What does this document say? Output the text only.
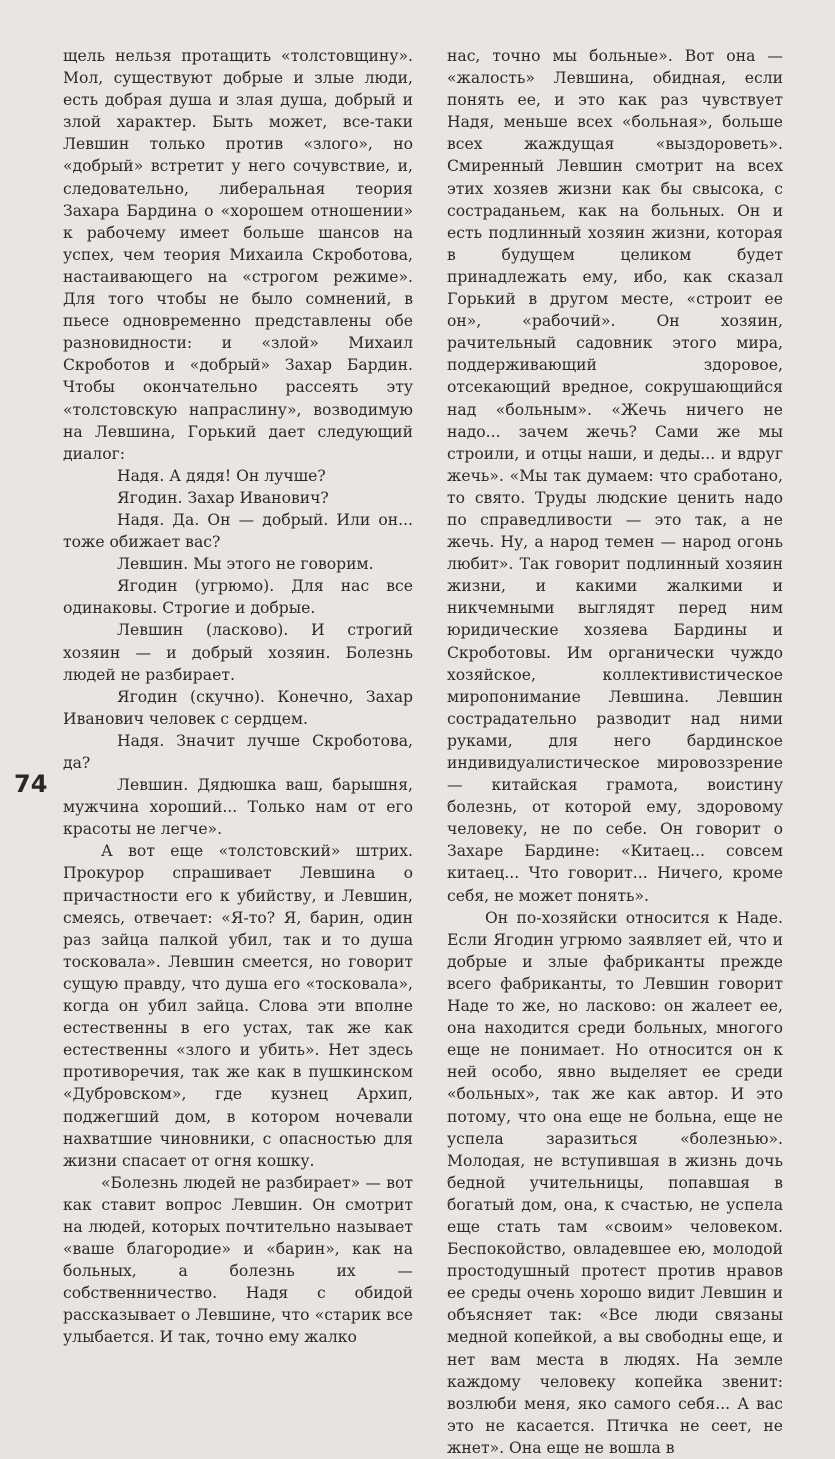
щель нельзя протащить «толстовщину». Мол, существуют добрые и злые люди, есть добрая душа и злая душа, добрый и злой характер. Быть может, все-таки Левшин только против «злого», но «добрый» встретит у него сочувствие, и, следовательно, либеральная теория Захара Бардина о «хорошем отношении» к рабочему имеет больше шансов на успех, чем теория Михаила Скроботова, настаивающего на «строгом режиме». Для того чтобы не было сомнений, в пьесе одновременно представлены обе разновидности: и «злой» Михаил Скроботов и «добрый» Захар Бардин. Чтобы окончательно рассеять эту «толстовскую напраслину», возводимую на Левшина, Горький дает следующий диалог:

Надя. А дядя! Он лучше?

Ягодин. Захар Иванович?

Надя. Да. Он — добрый. Или он... тоже обижает вас?

Левшин. Мы этого не говорим.

Ягодин (угрюмо). Для нас все одинаковы. Строгие и добрые.

Левшин (ласково). И строгий хозяин — и добрый хозяин. Болезнь людей не разбирает.

Ягодин (скучно). Конечно, Захар Иванович человек с сердцем.

Надя. Значит лучше Скроботова, да?

Левшин. Дядюшка ваш, барышня, мужчина хороший... Только нам от его красоты не легче».

А вот еще «толстовский» штрих. Прокурор спрашивает Левшина о причастности его к убийству, и Левшин, смеясь, отвечает: «Я-то? Я, барин, один раз зайца палкой убил, так и то душа тосковала». Левшин смеется, но говорит сущую правду, что душа его «тосковала», когда он убил зайца. Слова эти вполне естественны в его устах, так же как естественны «злого и убить». Нет здесь противоречия, так же как в пушкинском «Дубровском», где кузнец Архип, поджегший дом, в котором ночевали нахватшие чиновники, с опасностью для жизни спасает от огня кошку.

«Болезнь людей не разбирает» — вот как ставит вопрос Левшин. Он смотрит на людей, которых почтительно называет «ваше благородие» и «барин», как на больных, а болезнь их — собственничество. Надя с обидой рассказывает о Левшине, что «старик все улыбается. И так, точно ему жалко

нас, точно мы больные». Вот она — «жалость» Левшина, обидная, если понять ее, и это как раз чувствует Надя, меньше всех «больная», больше всех жаждущая «выздороветь». Смиренный Левшин смотрит на всех этих хозяев жизни как бы свысока, с состраданьем, как на больных. Он и есть подлинный хозяин жизни, которая в будущем целиком будет принадлежать ему, ибо, как сказал Горький в другом месте, «строит ее он», «рабочий». Он хозяин, рачительный садовник этого мира, поддерживающий здоровое, отсекающий вредное, сокрушающийся над «больным». «Жечь ничего не надо... зачем жечь? Сами же мы строили, и отцы наши, и деды... и вдруг жечь». «Мы так думаем: что сработано, то свято. Труды людские ценить надо по справедливости — это так, а не жечь. Ну, а народ темен — народ огонь любит». Так говорит подлинный хозяин жизни, и какими жалкими и никчемными выглядят перед ним юридические хозяева Бардины и Скроботовы. Им органически чуждо хозяйское, коллективистическое миропонимание Левшина. Левшин сострадательно разводит над ними руками, для него бардинское индивидуалистическое мировоззрение — китайская грамота, воистину болезнь, от которой ему, здоровому человеку, не по себе. Он говорит о Захаре Бардине: «Китаец... совсем китаец... Что говорит... Ничего, кроме себя, не может понять».

Он по-хозяйски относится к Наде. Если Ягодин угрюмо заявляет ей, что и добрые и злые фабриканты прежде всего фабриканты, то Левшин говорит Наде то же, но ласково: он жалеет ее, она находится среди больных, многого еще не понимает. Но относится он к ней особо, явно выделяет ее среди «больных», так же как автор. И это потому, что она еще не больна, еще не успела заразиться «болезнью». Молодая, не вступившая в жизнь дочь бедной учительницы, попавшая в богатый дом, она, к счастью, не успела еще стать там «своим» человеком. Беспокойство, овладевшее ею, молодой простодушный протест против нравов ее среды очень хорошо видит Левшин и объясняет так: «Все люди связаны медной копейкой, а вы свободны еще, и нет вам места в людях. На земле каждому человеку копейка звенит: возлюби меня, яко самого себя... А вас это не касается. Птичка не сеет, не жнет». Она еще не вошла в

74
